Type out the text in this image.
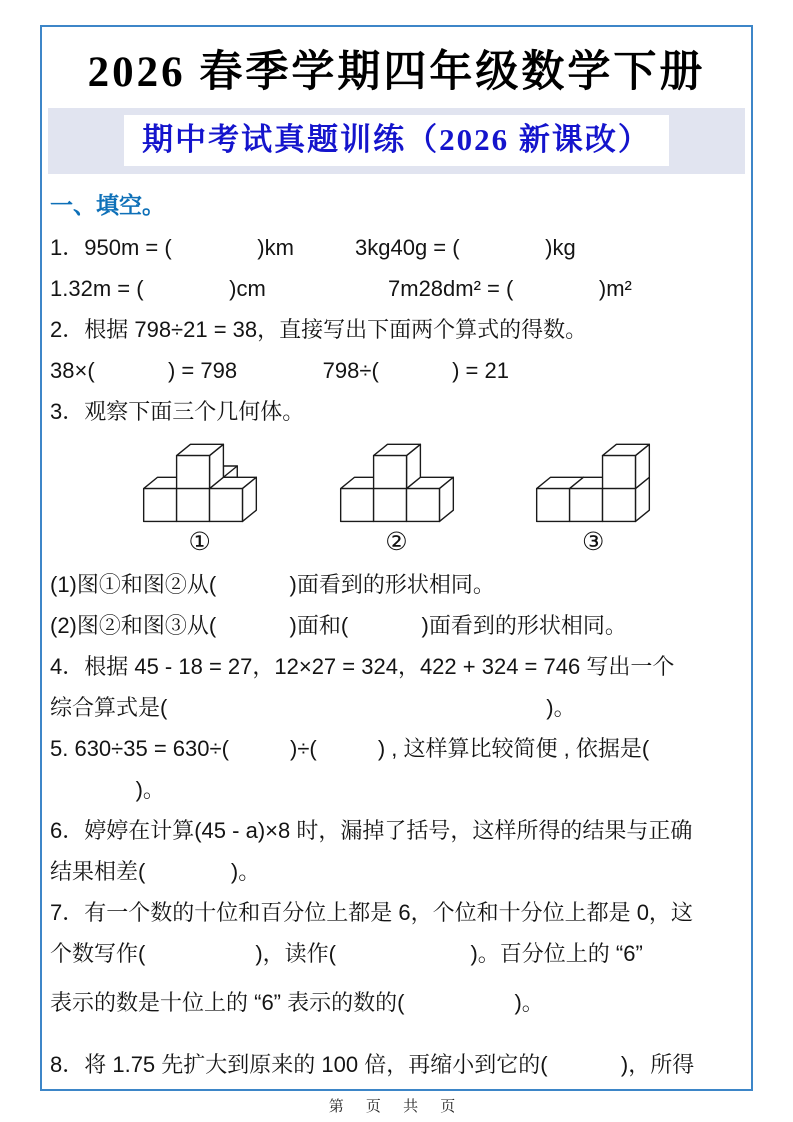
2026 春季学期四年级数学下册
期中考试真题训练（2026 新课改）
一、填空。
1．950m = (              )km          3kg40g = (              )kg
1.32m = (              )cm                    7m28dm² = (              )m²
2．根据 798÷21 = 38，直接写出下面两个算式的得数。
38×(            ) = 798              798÷(            ) = 21
3．观察下面三个几何体。
①	②	③
(1)图①和图②从(            )面看到的形状相同。
(2)图②和图③从(            )面和(            )面看到的形状相同。
4．根据 45 - 18 = 27，12×27 = 324，422 + 324 = 746 写出一个
综合算式是(                                                              )。
5. 630÷35 = 630÷(          )÷(          ) , 这样算比较简便 , 依据是(
)。
6．婷婷在计算(45 - a)×8 时，漏掉了括号，这样所得的结果与正确
结果相差(              )。
7．有一个数的十位和百分位上都是 6，个位和十分位上都是 0，这
个数写作(                  )，读作(                      )。百分位上的 “6”
表示的数是十位上的 “6” 表示的数的(                  )。
8．将 1.75 先扩大到原来的 100 倍，再缩小到它的(            )，所得
第 页 共 页
